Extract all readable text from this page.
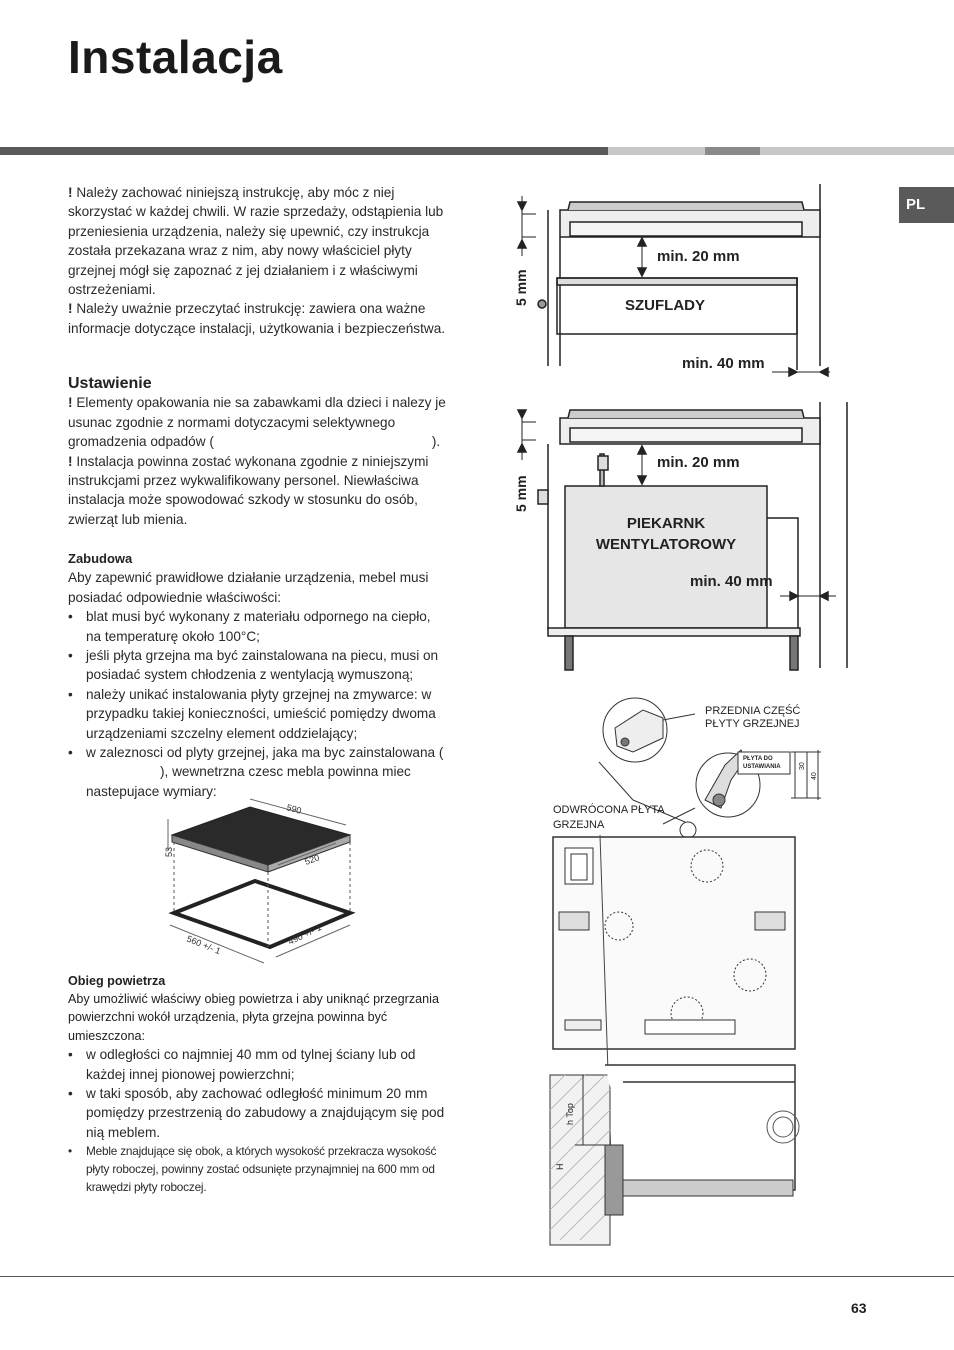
Instalacja
PL

! Należy zachować niniejszą instrukcję, aby móc z niej skorzystać w każdej chwili. W razie sprzedaży, odstąpienia lub przeniesienia urządzenia, należy się upewnić, czy instrukcja została przekazana wraz z nim, aby nowy właściciel płyty grzejnej mógł się zapoznać z jej działaniem i z właściwymi ostrzeżeniami.

! Należy uważnie przeczytać instrukcję: zawiera ona ważne informacje dotyczące instalacji, użytkowania i bezpieczeństwa.

Ustawienie

! Elementy opakowania nie sa zabawkami dla dzieci i nalezy je usunac zgodnie z normami dotyczacymi selektywnego gromadzenia odpadów (	).

! Instalacja powinna zostać wykonana zgodnie z niniejszymi instrukcjami przez wykwalifikowany personel. Niewłaściwa instalacja może spowodować szkody w stosunku do osób, zwierząt lub mienia.

Zabudowa

Aby zapewnić prawidłowe działanie urządzenia, mebel musi posiadać odpowiednie właściwości:

• blat musi być wykonany z materiału odpornego na ciepło, na temperaturę około 100°C;
• jeśli płyta grzejna ma być zainstalowana na piecu, musi on posiadać system chłodzenia z wentylacją wymuszoną;
• należy unikać instalowania płyty grzejnej na zmywarce: w przypadku takiej konieczności, umieścić pomiędzy dwoma urządzeniami szczelny element oddzielający;
• w zaleznosci od plyty grzejnej, jaka ma byc zainstalowana (), wewnetrzna czesc mebla powinna miec nastepujace wymiary:
590
520
53
560 +/- 1	490 +/- 1
Obieg powietrza

Aby umożliwić właściwy obieg powietrza i aby uniknąć przegrzania powierzchni wokół urządzenia, płyta grzejna powinna być umieszczona:

• w odległości co najmniej 40 mm od tylnej ściany lub od każdej innej pionowej powierzchni;
• w taki sposób, aby zachować odległość minimum 20 mm pomiędzy przestrzenią do zabudowy a znajdującym się pod nią meblem.
• Meble znajdujące się obok, a których wysokość przekracza wysokość płyty roboczej, powinny zostać odsunięte przynajmniej na 600 mm od krawędzi płyty roboczej.
min. 20 mm
SZUFLADY
min. 40 mm
5 mm
min. 20 mm
PIEKARNK
WENTYLATOROWY
min. 40 mm
5 mm
PRZEDNIA CZĘŚĆ
PŁYTY GRZEJNEJ
ODWRÓCONA PŁYTA
GRZEJNA
PŁYTA DO
USTAWIANIA	30
40
h Top
H
63
